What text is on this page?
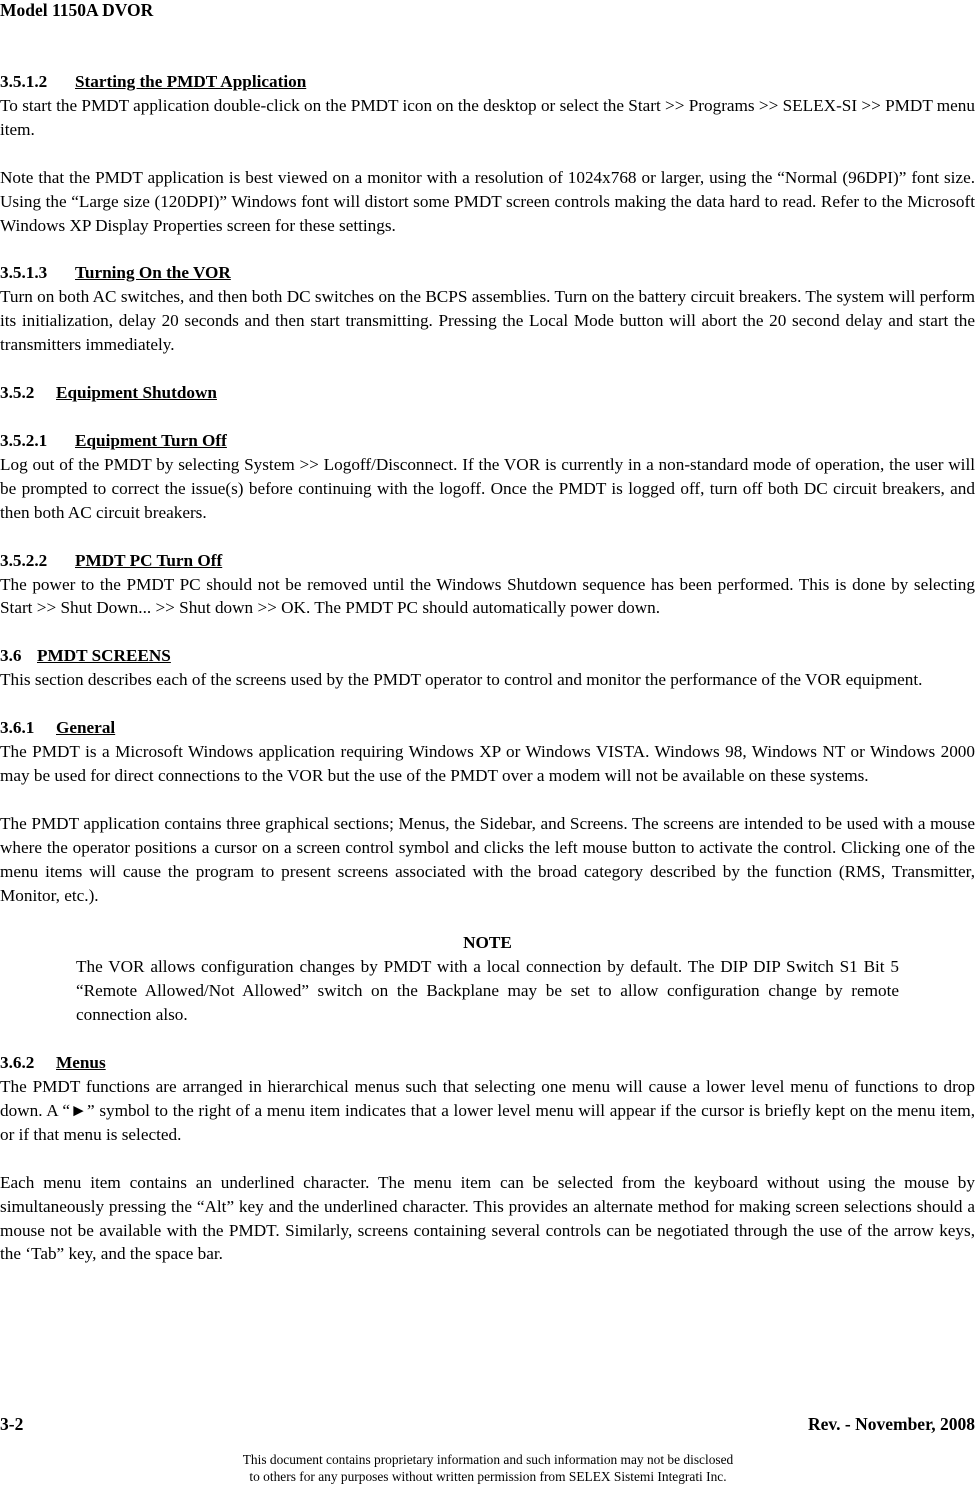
Model 1150A DVOR
3.5.1.2 Starting the PMDT Application

To start the PMDT application double-click on the PMDT icon on the desktop or select the Start >> Programs >> SELEX-SI >> PMDT menu item.

Note that the PMDT application is best viewed on a monitor with a resolution of 1024x768 or larger, using the “Normal (96DPI)” font size. Using the “Large size (120DPI)” Windows font will distort some PMDT screen controls making the data hard to read. Refer to the Microsoft Windows XP Display Properties screen for these settings.

3.5.1.3 Turning On the VOR

Turn on both AC switches, and then both DC switches on the BCPS assemblies. Turn on the battery circuit breakers. The system will perform its initialization, delay 20 seconds and then start transmitting. Pressing the Local Mode button will abort the 20 second delay and start the transmitters immediately.

3.5.2 Equipment Shutdown
3.5.2.1 Equipment Turn Off

Log out of the PMDT by selecting System >> Logoff/Disconnect. If the VOR is currently in a non-standard mode of operation, the user will be prompted to correct the issue(s) before continuing with the logoff. Once the PMDT is logged off, turn off both DC circuit breakers, and then both AC circuit breakers.

3.5.2.2 PMDT PC Turn Off

The power to the PMDT PC should not be removed until the Windows Shutdown sequence has been performed. This is done by selecting Start >> Shut Down... >> Shut down >> OK. The PMDT PC should automatically power down.

3.6 PMDT SCREENS

This section describes each of the screens used by the PMDT operator to control and monitor the performance of the VOR equipment.

3.6.1 General

The PMDT is a Microsoft Windows application requiring Windows XP or Windows VISTA. Windows 98, Windows NT or Windows 2000 may be used for direct connections to the VOR but the use of the PMDT over a modem will not be available on these systems.

The PMDT application contains three graphical sections; Menus, the Sidebar, and Screens. The screens are intended to be used with a mouse where the operator positions a cursor on a screen control symbol and clicks the left mouse button to activate the control. Clicking one of the menu items will cause the program to present screens associated with the broad category described by the function (RMS, Transmitter, Monitor, etc.).

NOTE

The VOR allows configuration changes by PMDT with a local connection by default. The DIP DIP Switch S1 Bit 5 “Remote Allowed/Not Allowed” switch on the Backplane may be set to allow configuration change by remote connection also.

3.6.2 Menus

The PMDT functions are arranged in hierarchical menus such that selecting one menu will cause a lower level menu of functions to drop down. A “►” symbol to the right of a menu item indicates that a lower level menu will appear if the cursor is briefly kept on the menu item, or if that menu is selected.

Each menu item contains an underlined character. The menu item can be selected from the keyboard without using the mouse by simultaneously pressing the “Alt” key and the underlined character. This provides an alternate method for making screen selections should a mouse not be available with the PMDT. Similarly, screens containing several controls can be negotiated through the use of the arrow keys, the ‘Tab” key, and the space bar.

3-2	Rev. - November, 2008
This document contains proprietary information and such information may not be disclosed
to others for any purposes without written permission from SELEX Sistemi Integrati Inc.
